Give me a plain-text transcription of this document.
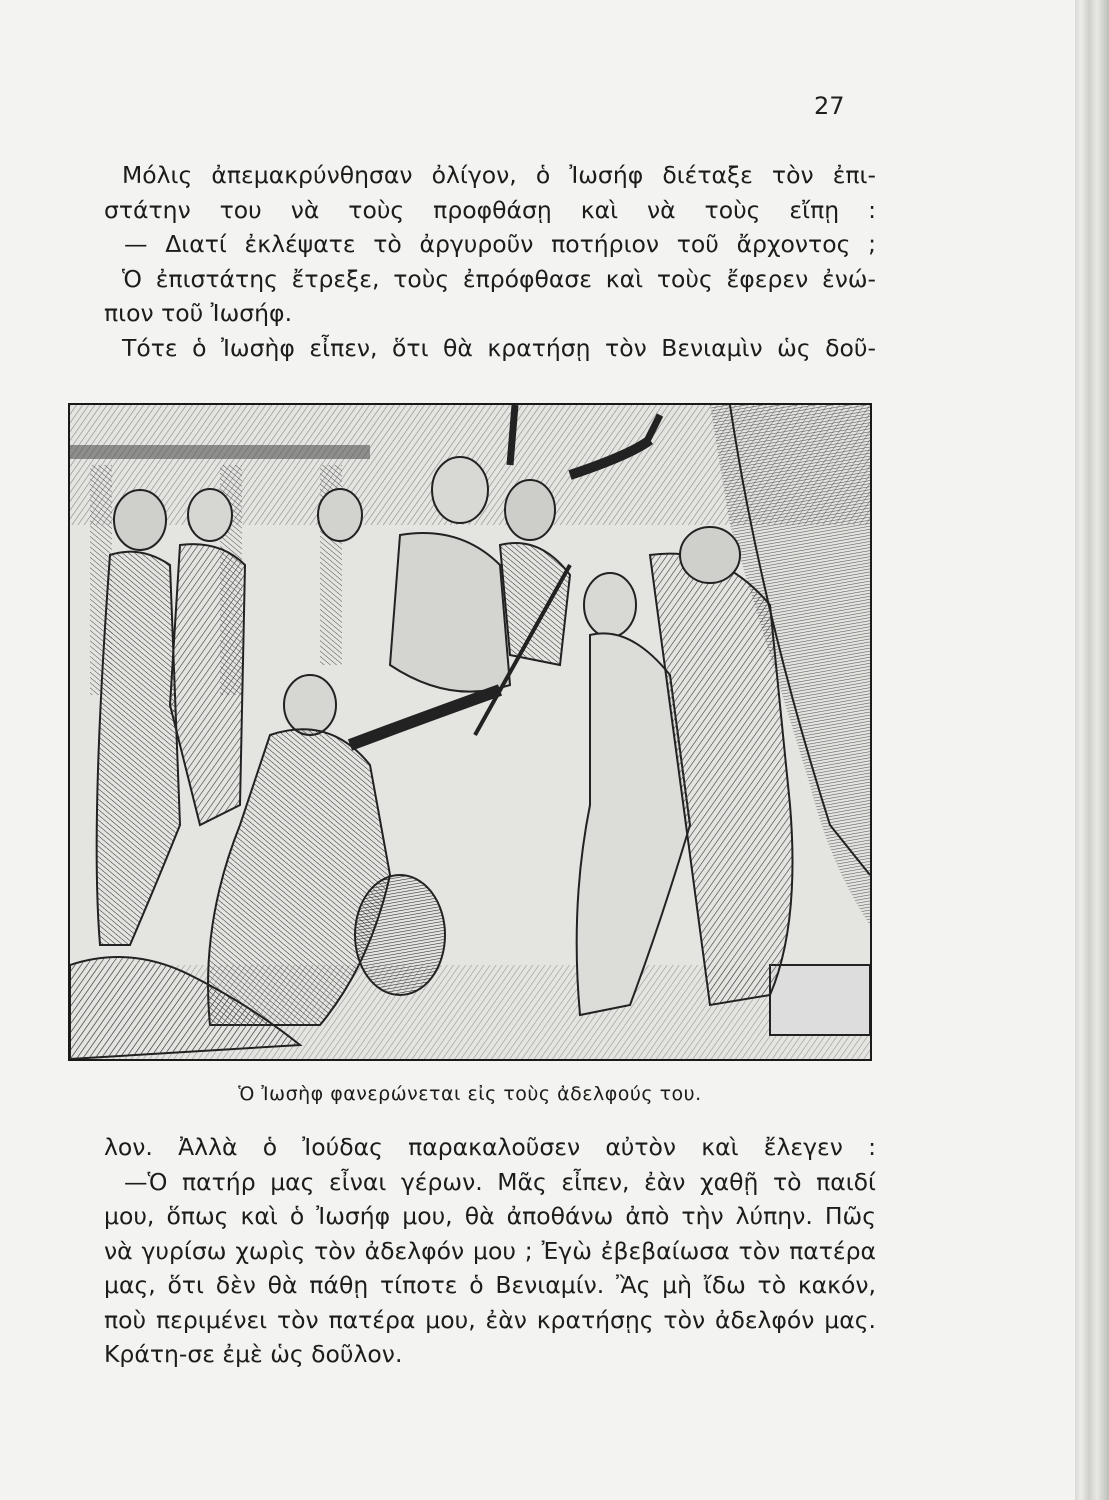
27
Μόλις ἀπεμακρύνθησαν ὀλίγον, ὁ Ἰωσήφ διέταξε τὸν ἐπι-
στάτην του νὰ τοὺς προφθάσῃ καὶ νὰ τοὺς εἴπῃ :
— Διατί ἐκλέψατε τὸ ἀργυροῦν ποτήριον τοῦ ἄρχοντος ;
Ὁ ἐπιστάτης ἔτρεξε, τοὺς ἐπρόφθασε καὶ τοὺς ἔφερεν ἐνώ-
πιον τοῦ Ἰωσήφ.
Τότε ὁ Ἰωσὴφ εἶπεν, ὅτι θὰ κρατήσῃ τὸν Βενιαμὶν ὡς δοῦ-
Ὁ Ἰωσὴφ φανερώνεται εἰς τοὺς ἀδελφούς του.
λον. Ἀλλὰ ὁ Ἰούδας παρακαλοῦσεν αὐτὸν καὶ ἔλεγεν :
—Ὁ πατήρ μας εἶναι γέρων. Μᾶς εἶπεν, ἐὰν χαθῇ τὸ παιδί
μου, ὅπως καὶ ὁ Ἰωσήφ μου, θὰ ἀποθάνω ἀπὸ τὴν λύπην. Πῶς
νὰ γυρίσω χωρὶς τὸν ἀδελφόν μου ; Ἐγὼ ἐβεβαίωσα τὸν πατέρα
μας, ὅτι δὲν θὰ πάθῃ τίποτε ὁ Βενιαμίν. Ἂς μὴ ἴδω τὸ κακόν,
ποὺ περιμένει τὸν πατέρα μου, ἐὰν κρατήσῃς τὸν ἀδελφόν μας.
Κράτη-σε ἐμὲ ὡς δοῦλον.
